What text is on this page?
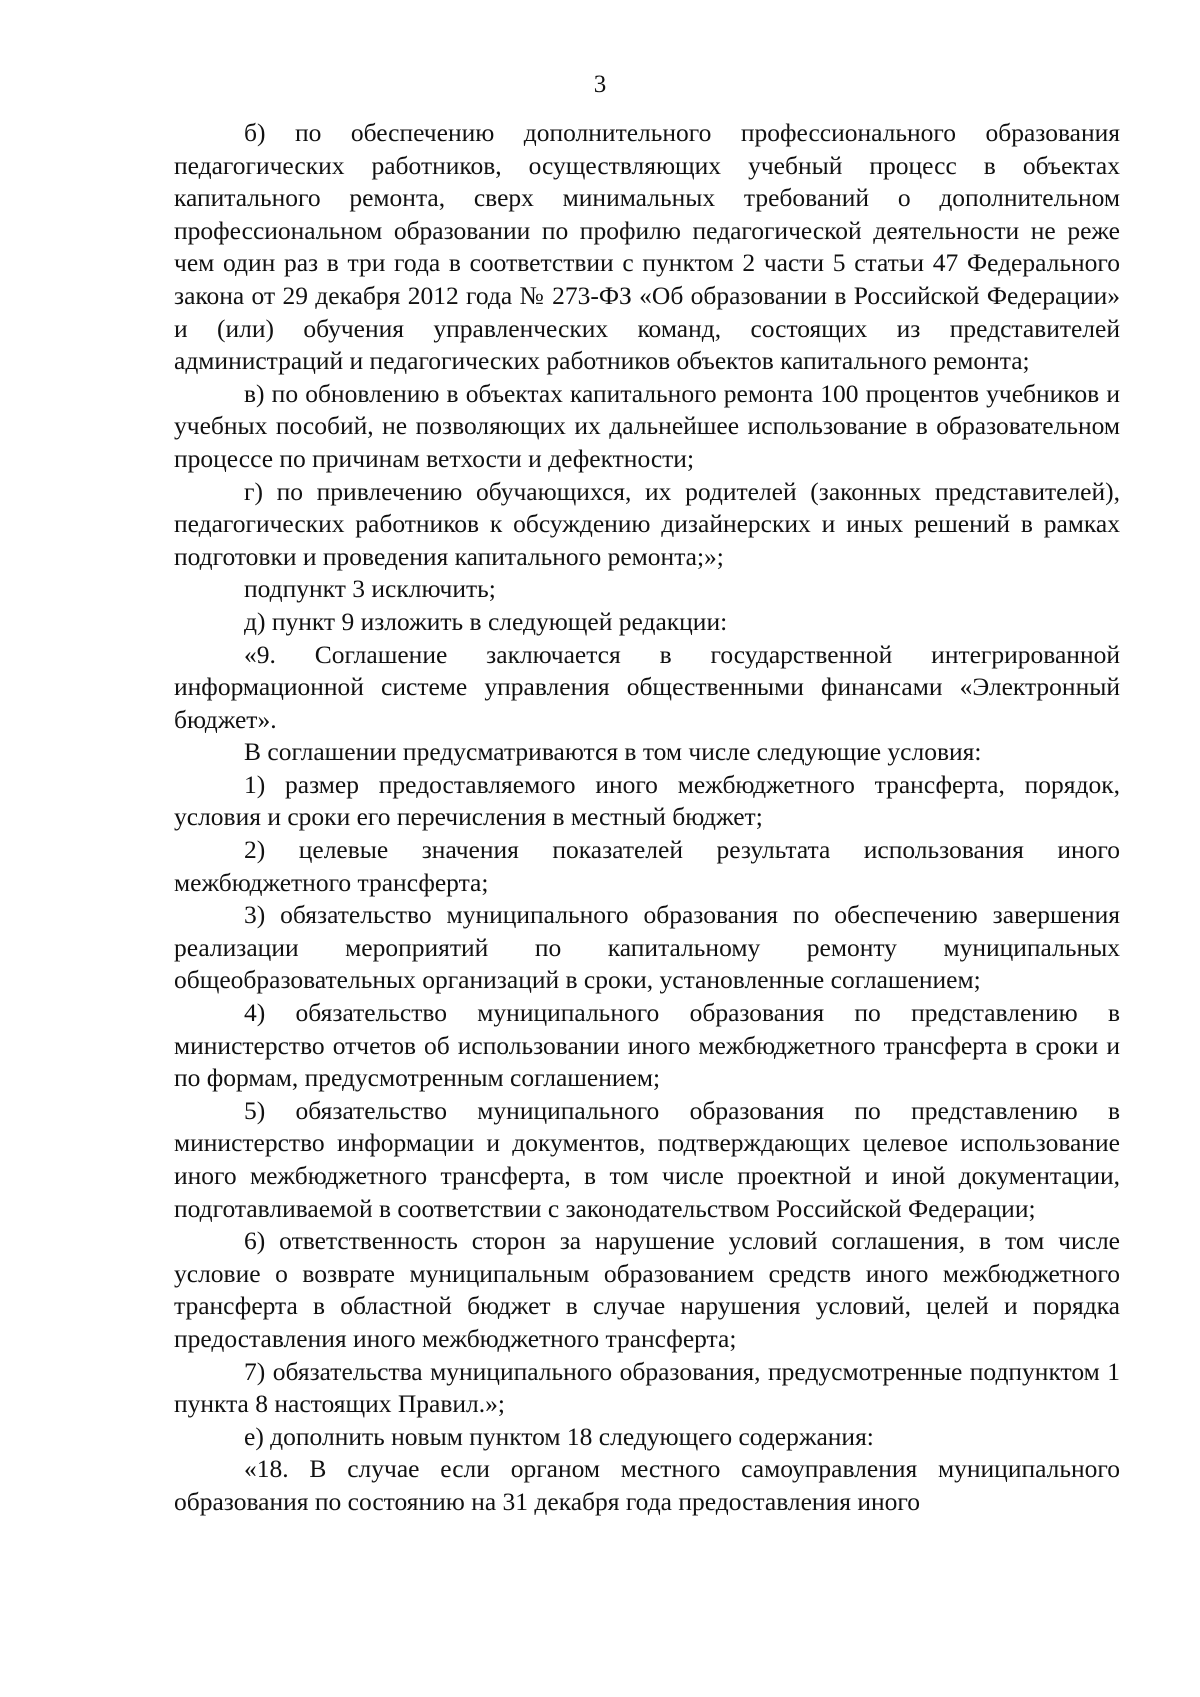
3

б) по обеспечению дополнительного профессионального образования педагогических работников, осуществляющих учебный процесс в объектах капитального ремонта, сверх минимальных требований о дополнительном профессиональном образовании по профилю педагогической деятельности не реже чем один раз в три года в соответствии с пунктом 2 части 5 статьи 47 Федерального закона от 29 декабря 2012 года № 273-ФЗ «Об образовании в Российской Федерации» и (или) обучения управленческих команд, состоящих из представителей администраций и педагогических работников объектов капитального ремонта;

в) по обновлению в объектах капитального ремонта 100 процентов учебников и учебных пособий, не позволяющих их дальнейшее использование в образовательном процессе по причинам ветхости и дефектности;

г) по привлечению обучающихся, их родителей (законных представителей), педагогических работников к обсуждению дизайнерских и иных решений в рамках подготовки и проведения капитального ремонта;»;

подпункт 3 исключить;

д) пункт 9 изложить в следующей редакции:

«9. Соглашение заключается в государственной интегрированной информационной системе управления общественными финансами «Электронный бюджет».

В соглашении предусматриваются в том числе следующие условия:

1) размер предоставляемого иного межбюджетного трансферта, порядок, условия и сроки его перечисления в местный бюджет;

2) целевые значения показателей результата использования иного межбюджетного трансферта;

3) обязательство муниципального образования по обеспечению завершения реализации мероприятий по капитальному ремонту муниципальных общеобразовательных организаций в сроки, установленные соглашением;

4) обязательство муниципального образования по представлению в министерство отчетов об использовании иного межбюджетного трансферта в сроки и по формам, предусмотренным соглашением;

5) обязательство муниципального образования по представлению в министерство информации и документов, подтверждающих целевое использование иного межбюджетного трансферта, в том числе проектной и иной документации, подготавливаемой в соответствии с законодательством Российской Федерации;

6) ответственность сторон за нарушение условий соглашения, в том числе условие о возврате муниципальным образованием средств иного межбюджетного трансферта в областной бюджет в случае нарушения условий, целей и порядка предоставления иного межбюджетного трансферта;

7) обязательства муниципального образования, предусмотренные подпунктом 1 пункта 8 настоящих Правил.»;

е) дополнить новым пунктом 18 следующего содержания:

«18. В случае если органом местного самоуправления муниципального образования по состоянию на 31 декабря года предоставления иного
